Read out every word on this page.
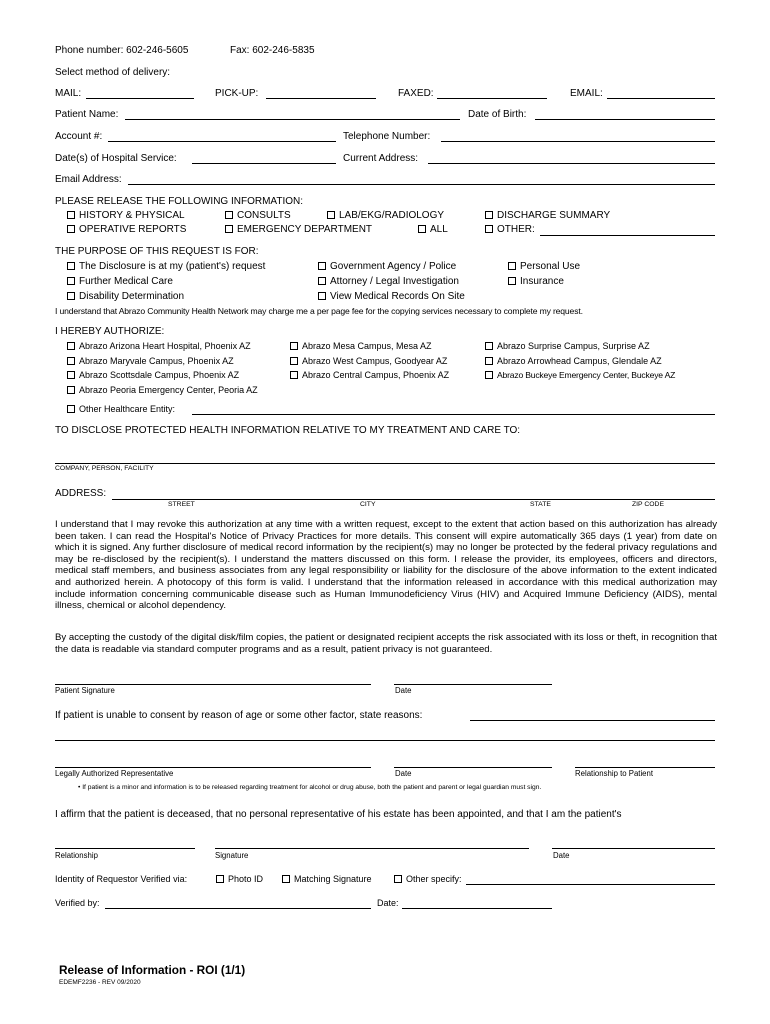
Phone number: 602-246-5605	Fax: 602-246-5835
Select method of delivery:
MAIL:	PICK-UP:	FAXED:	EMAIL:
Patient Name:	Date of Birth:
Account #:	Telephone Number:
Date(s) of Hospital Service:	Current Address:
Email Address:
PLEASE RELEASE THE FOLLOWING INFORMATION:
HISTORY & PHYSICAL	CONSULTS	LAB/EKG/RADIOLOGY	DISCHARGE SUMMARY
OPERATIVE REPORTS	EMERGENCY DEPARTMENT	ALL	OTHER:
THE PURPOSE OF THIS REQUEST IS FOR:
The Disclosure is at my (patient's) request	Government Agency / Police	Personal Use
Further Medical Care	Attorney / Legal Investigation	Insurance
Disability Determination	View Medical Records On Site
I understand that Abrazo Community Health Network may charge me a per page fee for the copying services necessary to complete my request.
I HEREBY AUTHORIZE:
Abrazo Arizona Heart Hospital, Phoenix AZ	Abrazo Mesa Campus, Mesa AZ	Abrazo Surprise Campus, Surprise AZ
Abrazo Maryvale Campus, Phoenix AZ	Abrazo West Campus, Goodyear AZ	Abrazo Arrowhead Campus, Glendale AZ
Abrazo Scottsdale Campus, Phoenix AZ	Abrazo Central Campus, Phoenix AZ	Abrazo Buckeye Emergency Center, Buckeye AZ
Abrazo Peoria Emergency Center, Peoria AZ
Other Healthcare Entity:
TO DISCLOSE PROTECTED HEALTH INFORMATION RELATIVE TO MY TREATMENT AND CARE TO:
COMPANY, PERSON, FACILITY
ADDRESS:
STREET	CITY	STATE	ZIP CODE
I understand that I may revoke this authorization at any time with a written request, except to the extent that action based on this authorization has already been taken. I can read the Hospital's Notice of Privacy Practices for more details. This consent will expire automatically 365 days (1 year) from date on which it is signed. Any further disclosure of medical record information by the recipient(s) may no longer be protected by the federal privacy regulations and may be re-disclosed by the recipient(s). I understand the matters discussed on this form. I release the provider, its employees, officers and directors, medical staff members, and business associates from any legal responsibility or liability for the disclosure of the above information to the extent indicated and authorized herein. A photocopy of this form is valid. I understand that the information released in accordance with this medical authorization may include information concerning communicable disease such as Human Immunodeficiency Virus (HIV) and Acquired Immune Deficiency (AIDS), mental illness, chemical or alcohol dependency.
By accepting the custody of the digital disk/film copies, the patient or designated recipient accepts the risk associated with its loss or theft, in recognition that the data is readable via standard computer programs and as a result, patient privacy is not guaranteed.
Patient Signature	Date
If patient is unable to consent by reason of age or some other factor, state reasons:
Legally Authorized Representative	Date	Relationship to Patient
• If patient is a minor and information is to be released regarding treatment for alcohol or drug abuse, both the patient and parent or legal guardian must sign.
I affirm that the patient is deceased, that no personal representative of his estate has been appointed, and that I am the patient's
Relationship	Signature	Date
Identity of Requestor Verified via:	Photo ID	Matching Signature	Other specify:
Verified by:	Date:
Release of Information - ROI (1/1)
EDEMF2236 - REV 09/2020
